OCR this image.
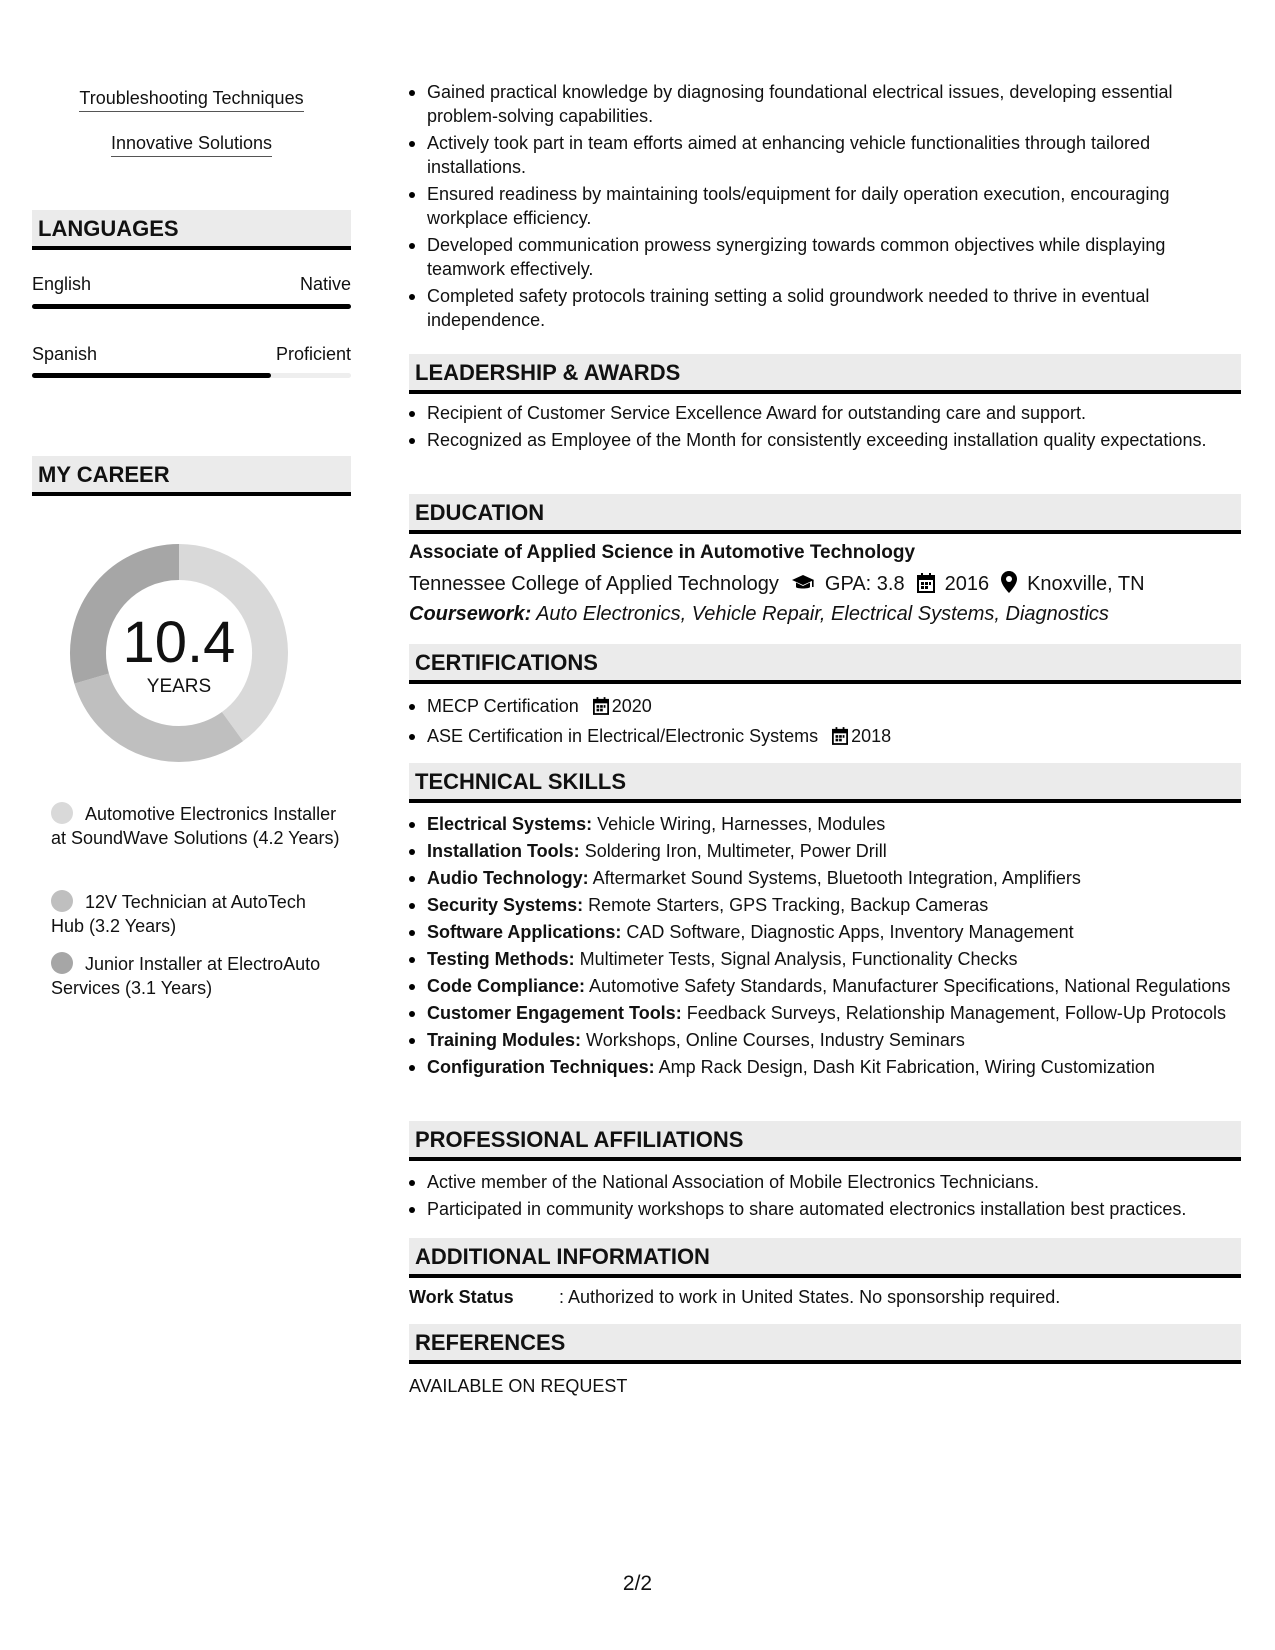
Troubleshooting Techniques
Innovative Solutions
LANGUAGES
English	Native
Spanish	Proficient
MY CAREER
10.4
YEARS
Automotive Electronics Installer at SoundWave Solutions (4.2 Years)
12V Technician at AutoTech Hub (3.2 Years)
Junior Installer at ElectroAuto Services (3.1 Years)
Gained practical knowledge by diagnosing foundational electrical issues, developing essential problem-solving capabilities.
Actively took part in team efforts aimed at enhancing vehicle functionalities through tailored installations.
Ensured readiness by maintaining tools/equipment for daily operation execution, encouraging workplace efficiency.
Developed communication prowess synergizing towards common objectives while displaying teamwork effectively.
Completed safety protocols training setting a solid groundwork needed to thrive in eventual independence.
LEADERSHIP & AWARDS
Recipient of Customer Service Excellence Award for outstanding care and support.
Recognized as Employee of the Month for consistently exceeding installation quality expectations.
EDUCATION
Associate of Applied Science in Automotive Technology
Tennessee College of Applied Technology GPA: 3.8 2016 Knoxville, TN
Coursework: Auto Electronics, Vehicle Repair, Electrical Systems, Diagnostics
CERTIFICATIONS
MECP Certification 2020
ASE Certification in Electrical/Electronic Systems 2018
TECHNICAL SKILLS
Electrical Systems: Vehicle Wiring, Harnesses, Modules
Installation Tools: Soldering Iron, Multimeter, Power Drill
Audio Technology: Aftermarket Sound Systems, Bluetooth Integration, Amplifiers
Security Systems: Remote Starters, GPS Tracking, Backup Cameras
Software Applications: CAD Software, Diagnostic Apps, Inventory Management
Testing Methods: Multimeter Tests, Signal Analysis, Functionality Checks
Code Compliance: Automotive Safety Standards, Manufacturer Specifications, National Regulations
Customer Engagement Tools: Feedback Surveys, Relationship Management, Follow-Up Protocols
Training Modules: Workshops, Online Courses, Industry Seminars
Configuration Techniques: Amp Rack Design, Dash Kit Fabrication, Wiring Customization
PROFESSIONAL AFFILIATIONS
Active member of the National Association of Mobile Electronics Technicians.
Participated in community workshops to share automated electronics installation best practices.
ADDITIONAL INFORMATION
Work Status	: Authorized to work in United States. No sponsorship required.
REFERENCES
AVAILABLE ON REQUEST
2/2
